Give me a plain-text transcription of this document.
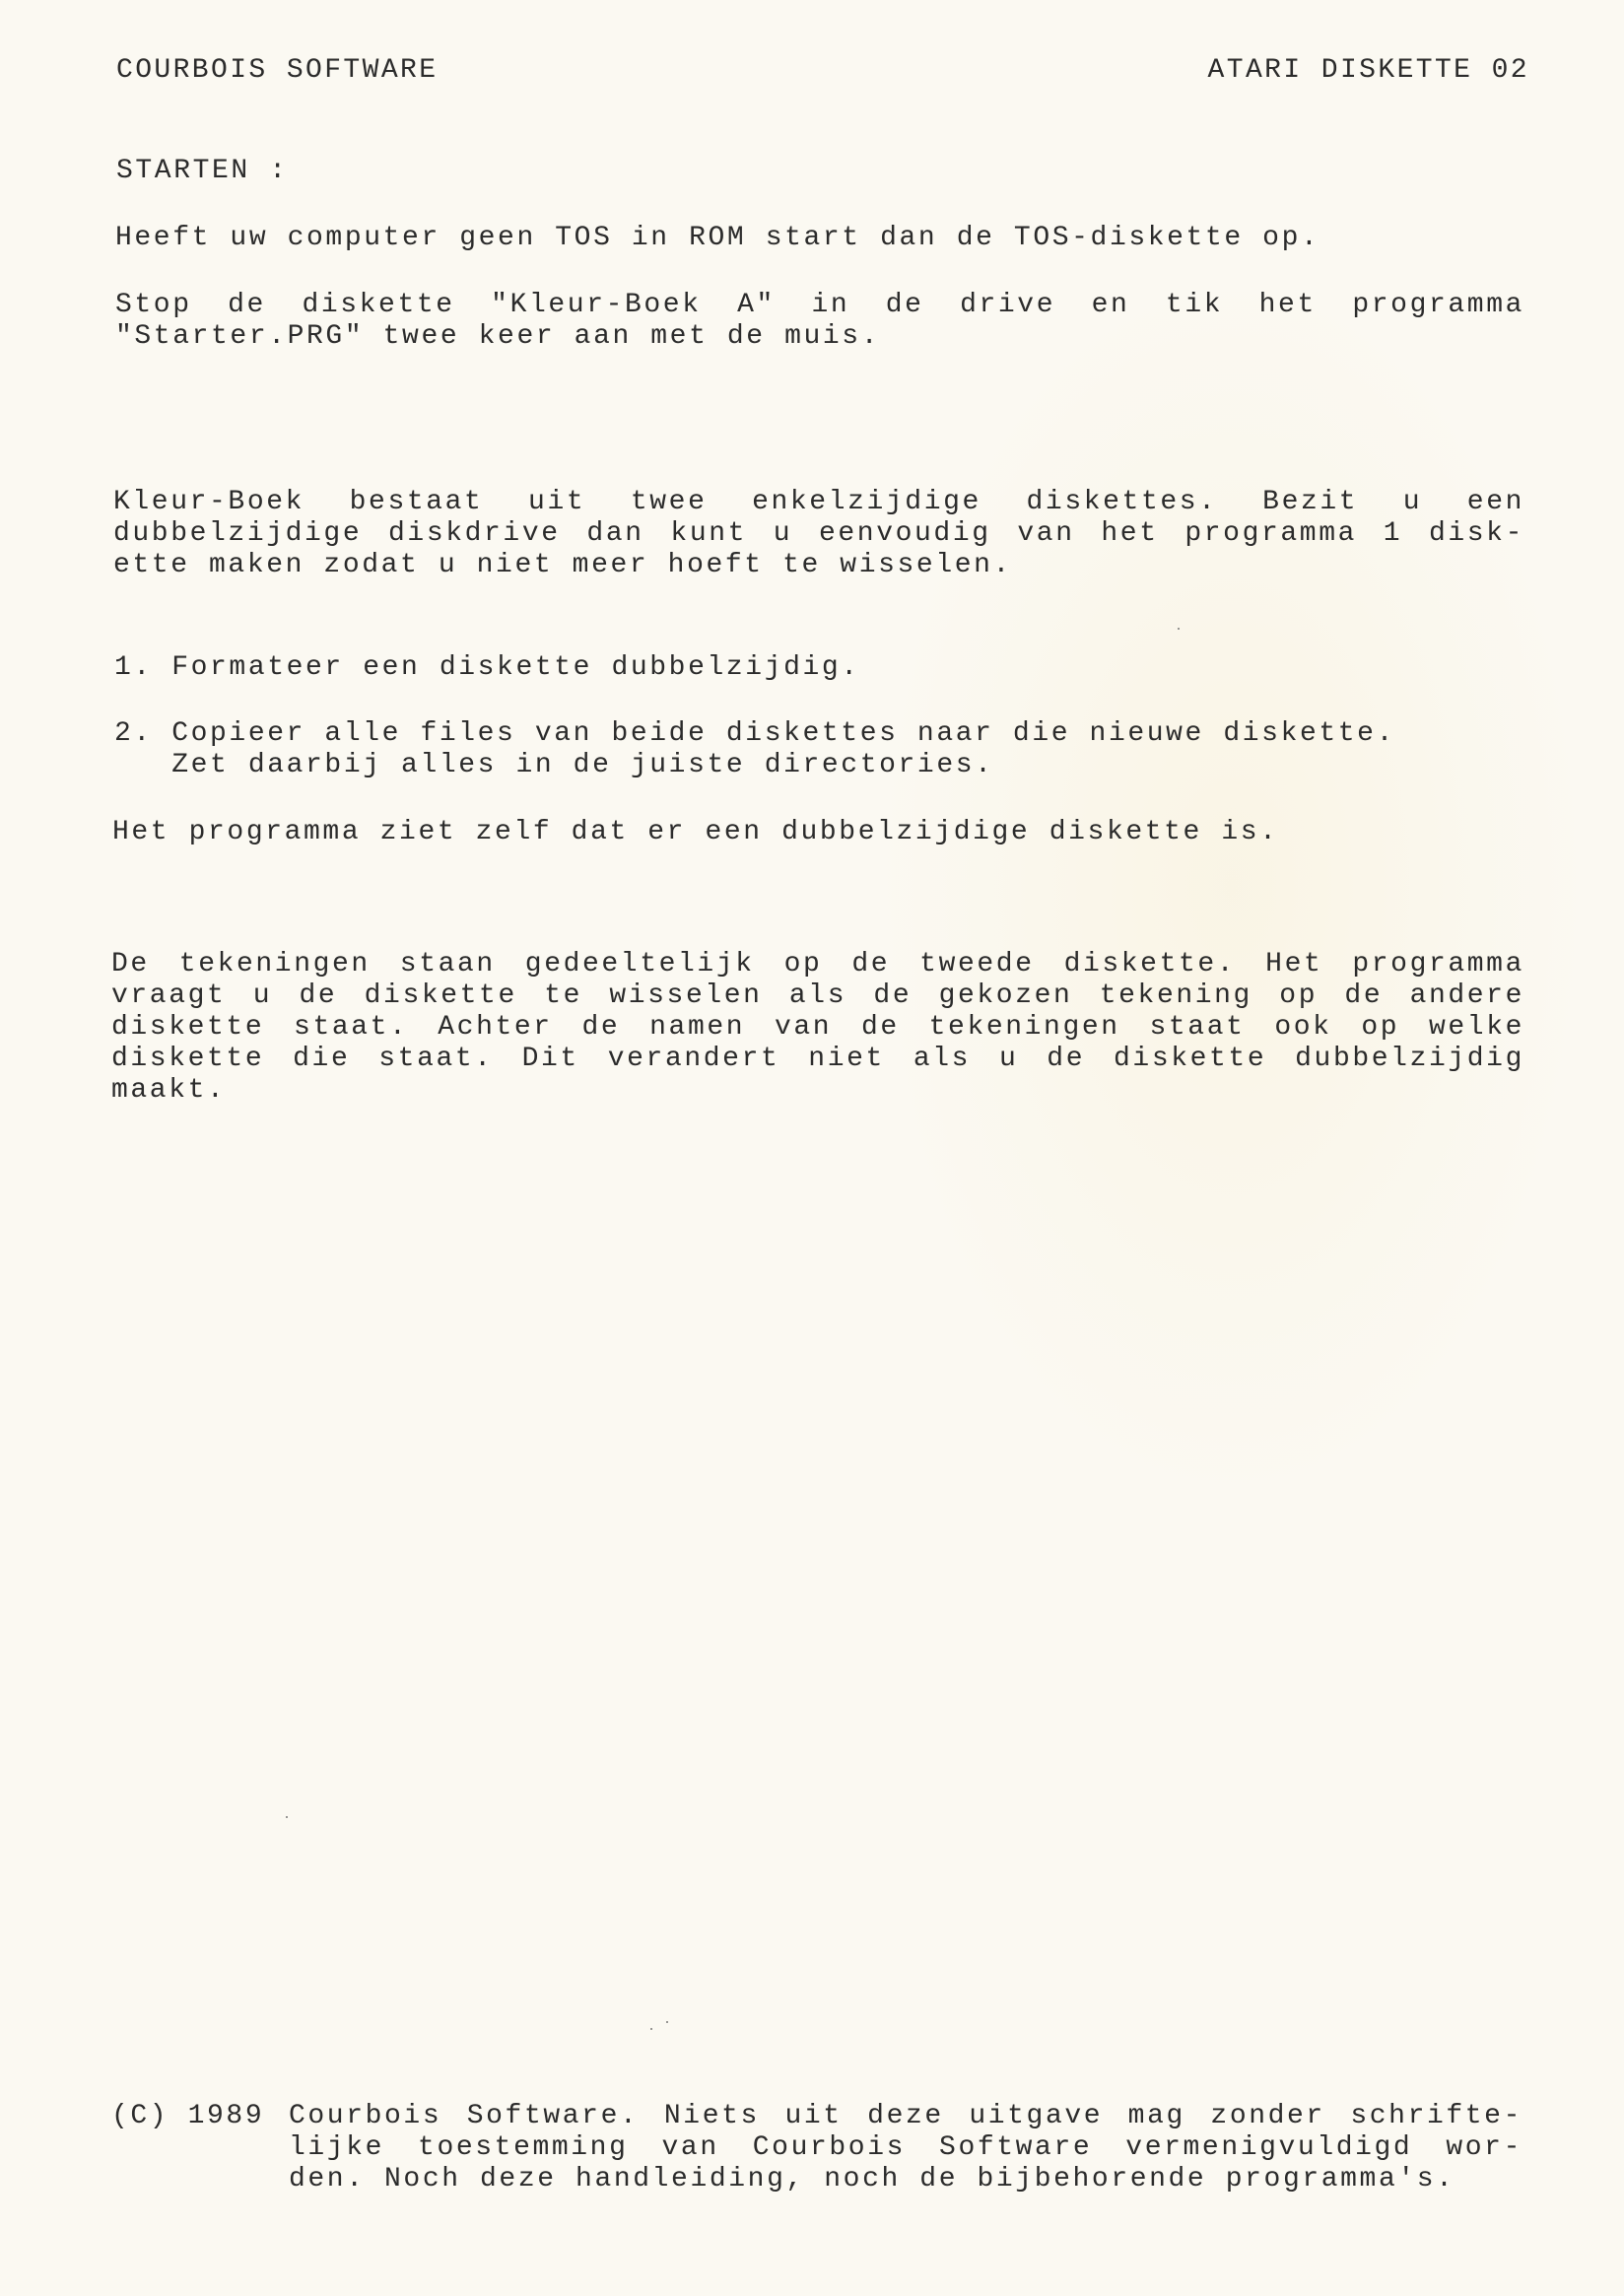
COURBOIS SOFTWARE	ATARI DISKETTE 02
STARTEN :
Heeft uw computer geen TOS in ROM start dan de TOS-diskette op.
Stop de diskette "Kleur-Boek A" in de drive en tik het programma
"Starter.PRG" twee keer aan met de muis.
Kleur-Boek bestaat uit twee enkelzijdige diskettes. Bezit u een
dubbelzijdige diskdrive dan kunt u eenvoudig van het programma 1 disk-
ette maken zodat u niet meer hoeft te wisselen.
1. Formateer een diskette dubbelzijdig.
2. Copieer alle files van beide diskettes naar die nieuwe diskette.
Zet daarbij alles in de juiste directories.
Het programma ziet zelf dat er een dubbelzijdige diskette is.
De tekeningen staan gedeeltelijk op de tweede diskette. Het programma
vraagt u de diskette te wisselen als de gekozen tekening op de andere
diskette staat. Achter de namen van de tekeningen staat ook op welke
diskette die staat. Dit verandert niet als u de diskette dubbelzijdig
maakt.
(C) 1989 Courbois Software. Niets uit deze uitgave mag zonder schrifte-
lijke toestemming van Courbois Software vermenigvuldigd wor-
den. Noch deze handleiding, noch de bijbehorende programma's.
